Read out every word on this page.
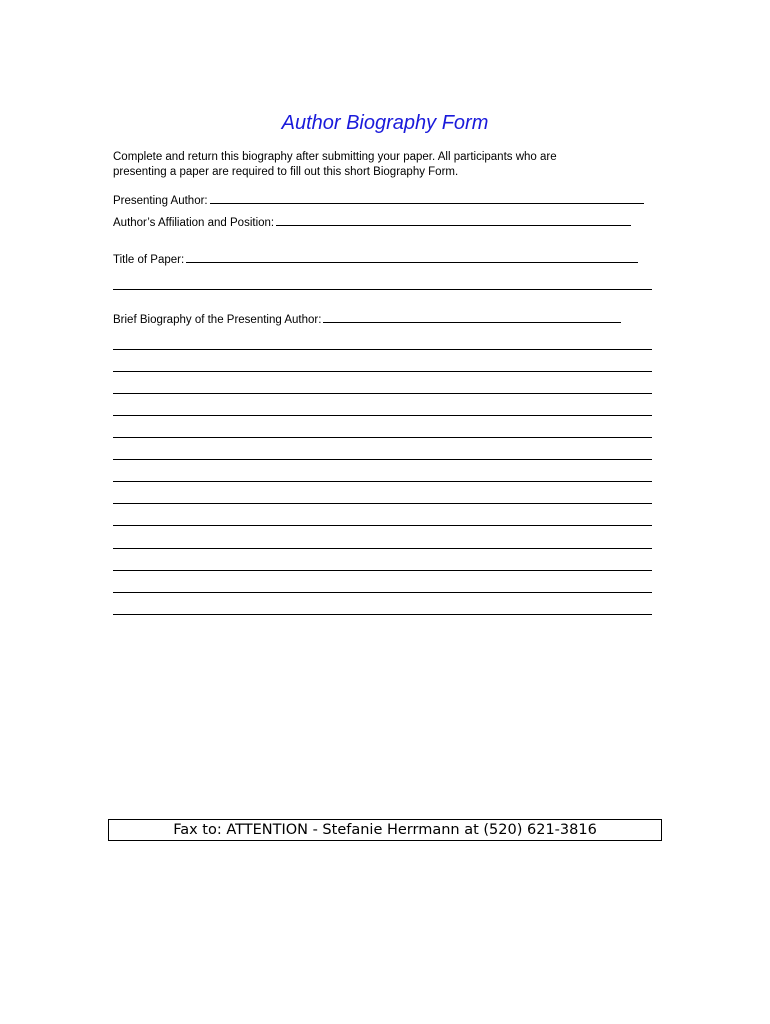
Author Biography Form
Complete and return this biography after submitting your paper. All participants who are
presenting a paper are required to fill out this short Biography Form.
Presenting Author:
Author’s Affiliation and Position:
Title of Paper:
Brief Biography of the Presenting Author:
Fax to: ATTENTION - Stefanie Herrmann at (520) 621-3816
